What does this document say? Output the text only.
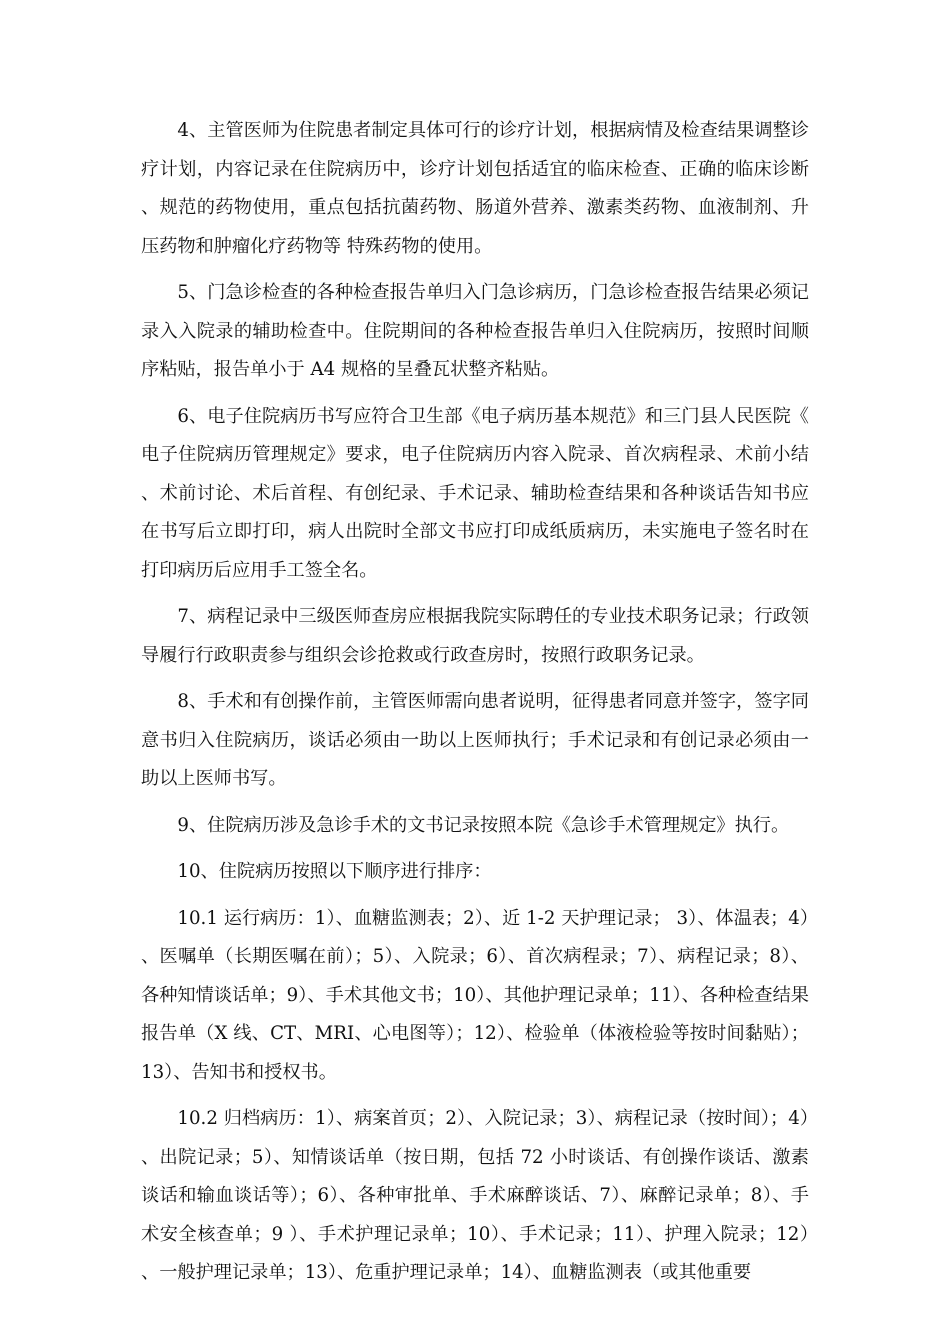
4、主管医师为住院患者制定具体可行的诊疗计划，根据病情及检查结果调整诊疗计划，内容记录在住院病历中，诊疗计划包括适宜的临床检查、正确的临床诊断、规范的药物使用，重点包括抗菌药物、肠道外营养、激素类药物、血液制剂、升压药物和肿瘤化疗药物等 特殊药物的使用。

5、门急诊检查的各种检查报告单归入门急诊病历，门急诊检查报告结果必须记录入入院录的辅助检查中。住院期间的各种检查报告单归入住院病历，按照时间顺序粘贴，报告单小于 A4 规格的呈叠瓦状整齐粘贴。

6、电子住院病历书写应符合卫生部《电子病历基本规范》和三门县人民医院《电子住院病历管理规定》要求，电子住院病历内容入院录、首次病程录、术前小结、术前讨论、术后首程、有创纪录、手术记录、辅助检查结果和各种谈话告知书应在书写后立即打印，病人出院时全部文书应打印成纸质病历，未实施电子签名时在打印病历后应用手工签全名。

7、病程记录中三级医师查房应根据我院实际聘任的专业技术职务记录；行政领导履行行政职责参与组织会诊抢救或行政查房时，按照行政职务记录。

8、手术和有创操作前，主管医师需向患者说明，征得患者同意并签字，签字同意书归入住院病历，谈话必须由一助以上医师执行；手术记录和有创记录必须由一助以上医师书写。

9、住院病历涉及急诊手术的文书记录按照本院《急诊手术管理规定》执行。

10、住院病历按照以下顺序进行排序：

10.1 运行病历：1）、血糖监测表；2）、近 1-2 天护理记录； 3）、体温表；4）、医嘱单（长期医嘱在前）；5）、入院录；6）、首次病程录；7）、病程记录；8）、各种知情谈话单；9）、手术其他文书；10）、其他护理记录单；11）、各种检查结果报告单（X 线、CT、MRI、心电图等）；12）、检验单（体液检验等按时间黏贴）；13）、告知书和授权书。

10.2 归档病历：1）、病案首页；2）、入院记录；3）、病程记录（按时间）；4）、出院记录；5）、知情谈话单（按日期，包括 72 小时谈话、有创操作谈话、激素谈话和输血谈话等）；6）、各种审批单、手术麻醉谈话、7）、麻醉记录单；8）、手术安全核查单；9 ）、手术护理记录单；10）、手术记录；11）、护理入院录；12）、一般护理记录单；13）、危重护理记录单；14）、血糖监测表（或其他重要
